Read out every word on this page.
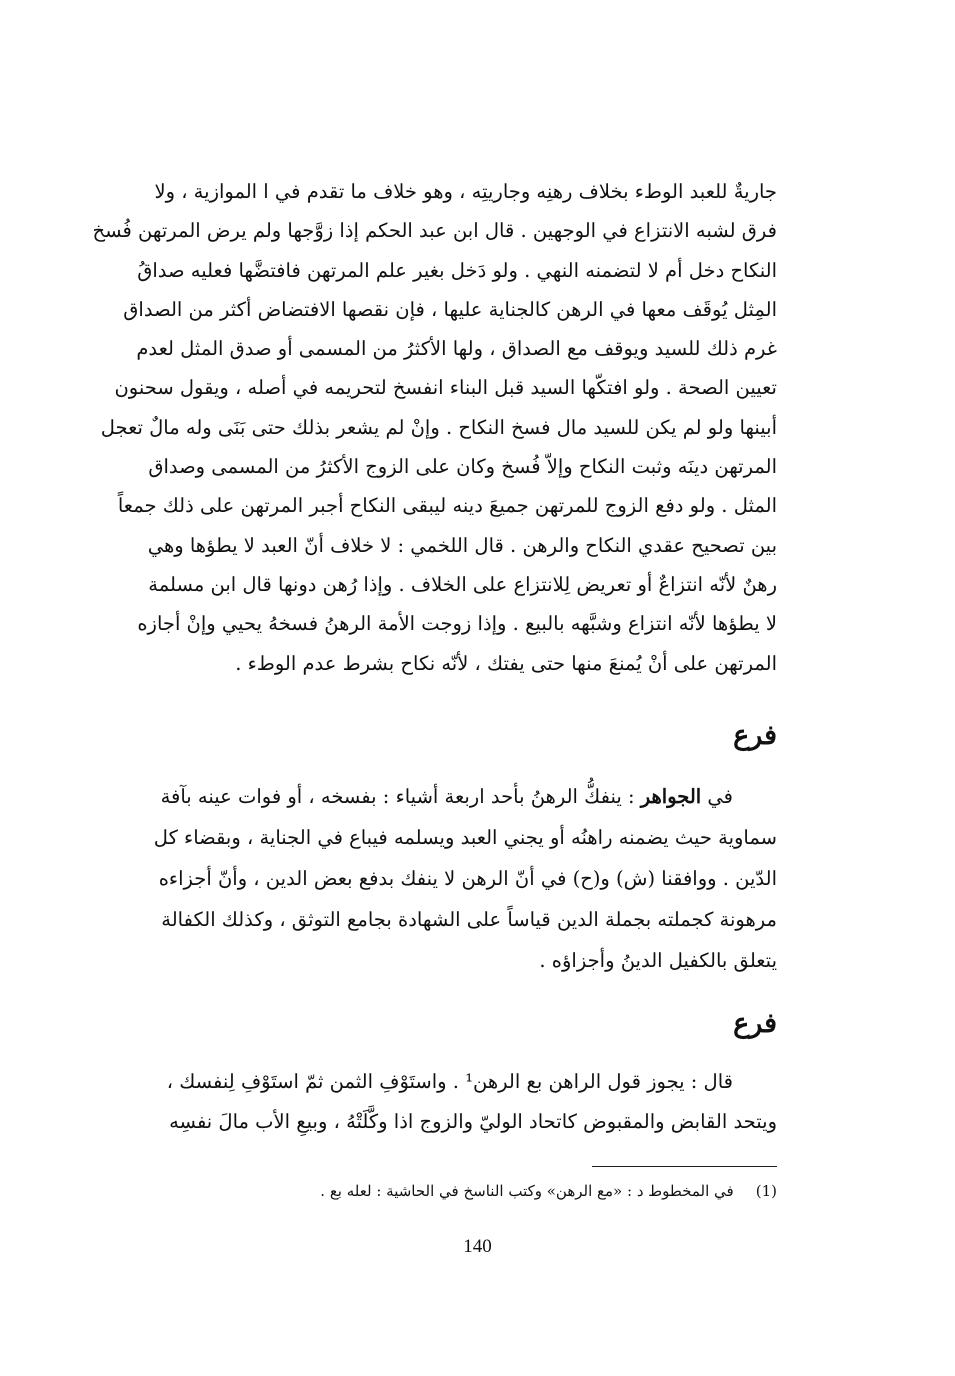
جاريةٌ للعبد الوطء بخلاف رهنِه وجاريتِه ، وهو خلاف ما تقدم في ا الموازية ، ولا
فرق لشبه الانتزاع في الوجهين . قال ابن عبد الحكم إذا زوَّجها ولم يرض المرتهن فُسخ
النكاح دخل أم لا لتضمنه النهي . ولو دَخل بغير علم المرتهن فافتضَّها فعليه صداقُ
المِثل يُوقَف معها في الرهن كالجناية عليها ، فإن نقصها الافتضاض أكثر من الصداق
غرم ذلك للسيد ويوقف مع الصداق ، ولها الأكثرُ من المسمى أو صدق المثل لعدم
تعيين الصحة . ولو افتكّها السيد قبل البناء انفسخ لتحريمه في أصله ، ويقول سحنون
أبينها ولو لم يكن للسيد مال فسخ النكاح . وإنْ لم يشعر بذلك حتى بَنَى وله مالٌ تعجل
المرتهن دينَه وثبت النكاح وإلاّ فُسخ وكان على الزوج الأكثرُ من المسمى وصداق
المثل . ولو دفع الزوج للمرتهن جميعَ دينه ليبقى النكاح أجبر المرتهن على ذلك جمعاً
بين تصحيح عقدي النكاح والرهن . قال اللخمي : لا خلاف أنّ العبد لا يطؤها وهي
رهنٌ لأنّه انتزاعٌ أو تعريض لِلانتزاع على الخلاف . وإذا رُهن دونها قال ابن مسلمة
لا يطؤها لأنّه انتزاع وشبَّهه بالبيع . وإذا زوجت الأمة الرهنُ فسخهُ يحيي وإنْ أجازه
المرتهن على أنْ يُمنعَ منها حتى يفتك ، لأنّه نكاح بشرط عدم الوطء .
فرع
في الجواهر : ينفكُّ الرهنُ بأحد اربعة أشياء : بفسخه ، أو فوات عينه بآفة
سماوية حيث يضمنه راهنُه أو يجني العبد ويسلمه فيباع في الجناية ، وبقضاء كل
الدّين . ووافقنا (ش) و(ح) في أنّ الرهن لا ينفك بدفع بعض الدين ، وأنّ أجزاءه
مرهونة كجملته بجملة الدين قياساً على الشهادة بجامع التوثق ، وكذلك الكفالة
يتعلق بالكفيل الدينُ وأجزاؤه .
فرع
قال : يجوز قول الراهن بع الرهن¹ . واستَوْفِ الثمن ثمّ استَوْفِ لِنفسك ،
ويتحد القابض والمقبوض كاتحاد الوليّ والزوج اذا وكَّلَتْهُ ، وبيعِ الأب مالَ نفسِه
(1)في المخطوط د : «مع الرهن» وكتب الناسخ في الحاشية : لعله بع .
140
